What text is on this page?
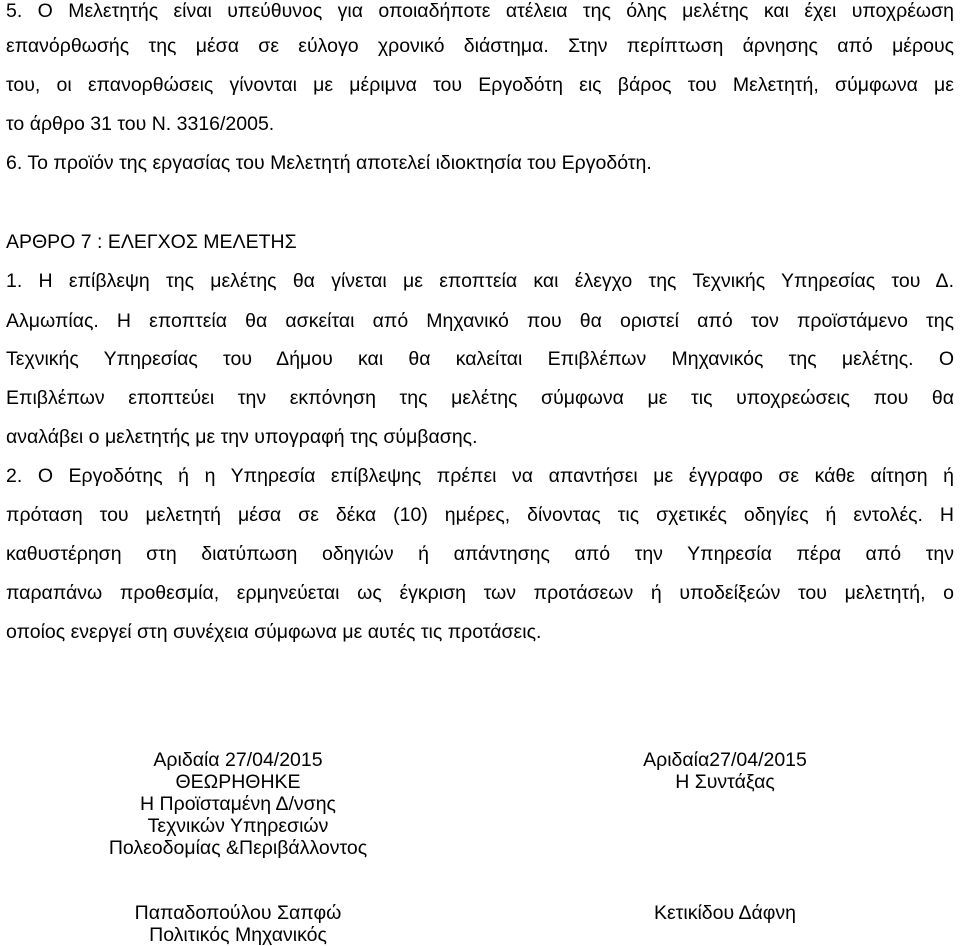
5. Ο Μελετητής είναι υπεύθυνος για οποιαδήποτε ατέλεια της όλης μελέτης και έχει υποχρέωση
επανόρθωσής της μέσα σε εύλογο χρονικό διάστημα. Στην περίπτωση άρνησης από μέρους
του, οι επανορθώσεις γίνονται με μέριμνα του Εργοδότη εις βάρος του Μελετητή, σύμφωνα με
το άρθρο 31 του Ν. 3316/2005.
6. Το προϊόν της εργασίας του Μελετητή αποτελεί ιδιοκτησία του Εργοδότη.
ΑΡΘΡΟ 7 : ΕΛΕΓΧΟΣ ΜΕΛΕΤΗΣ
1. Η επίβλεψη της μελέτης θα γίνεται με εποπτεία και έλεγχο της Τεχνικής Υπηρεσίας του Δ.
Αλμωπίας. Η εποπτεία θα ασκείται από Μηχανικό που θα οριστεί από τον προϊστάμενο της
Τεχνικής Υπηρεσίας του Δήμου και θα καλείται Επιβλέπων Μηχανικός της μελέτης. Ο
Επιβλέπων εποπτεύει την εκπόνηση της μελέτης σύμφωνα με τις υποχρεώσεις που θα
αναλάβει ο μελετητής με την υπογραφή της σύμβασης.
2. Ο Εργοδότης ή η Υπηρεσία επίβλεψης πρέπει να απαντήσει με έγγραφο σε κάθε αίτηση ή
πρόταση του μελετητή μέσα σε δέκα (10) ημέρες, δίνοντας τις σχετικές οδηγίες ή εντολές. Η
καθυστέρηση στη διατύπωση οδηγιών ή απάντησης από την Υπηρεσία πέρα από την
παραπάνω προθεσμία, ερμηνεύεται ως έγκριση των προτάσεων ή υποδείξεών του μελετητή, ο
οποίος ενεργεί στη συνέχεια σύμφωνα με αυτές τις προτάσεις.
Αριδαία 27/04/2015
ΘΕΩΡΗΘΗΚΕ
Η Προϊσταμένη Δ/νσης
Τεχνικών Υπηρεσιών
Πολεοδομίας &Περιβάλλοντος
Αριδαία27/04/2015
Η Συντάξας
Παπαδοπούλου Σαπφώ
Πολιτικός Μηχανικός
Κετικίδου Δάφνη
